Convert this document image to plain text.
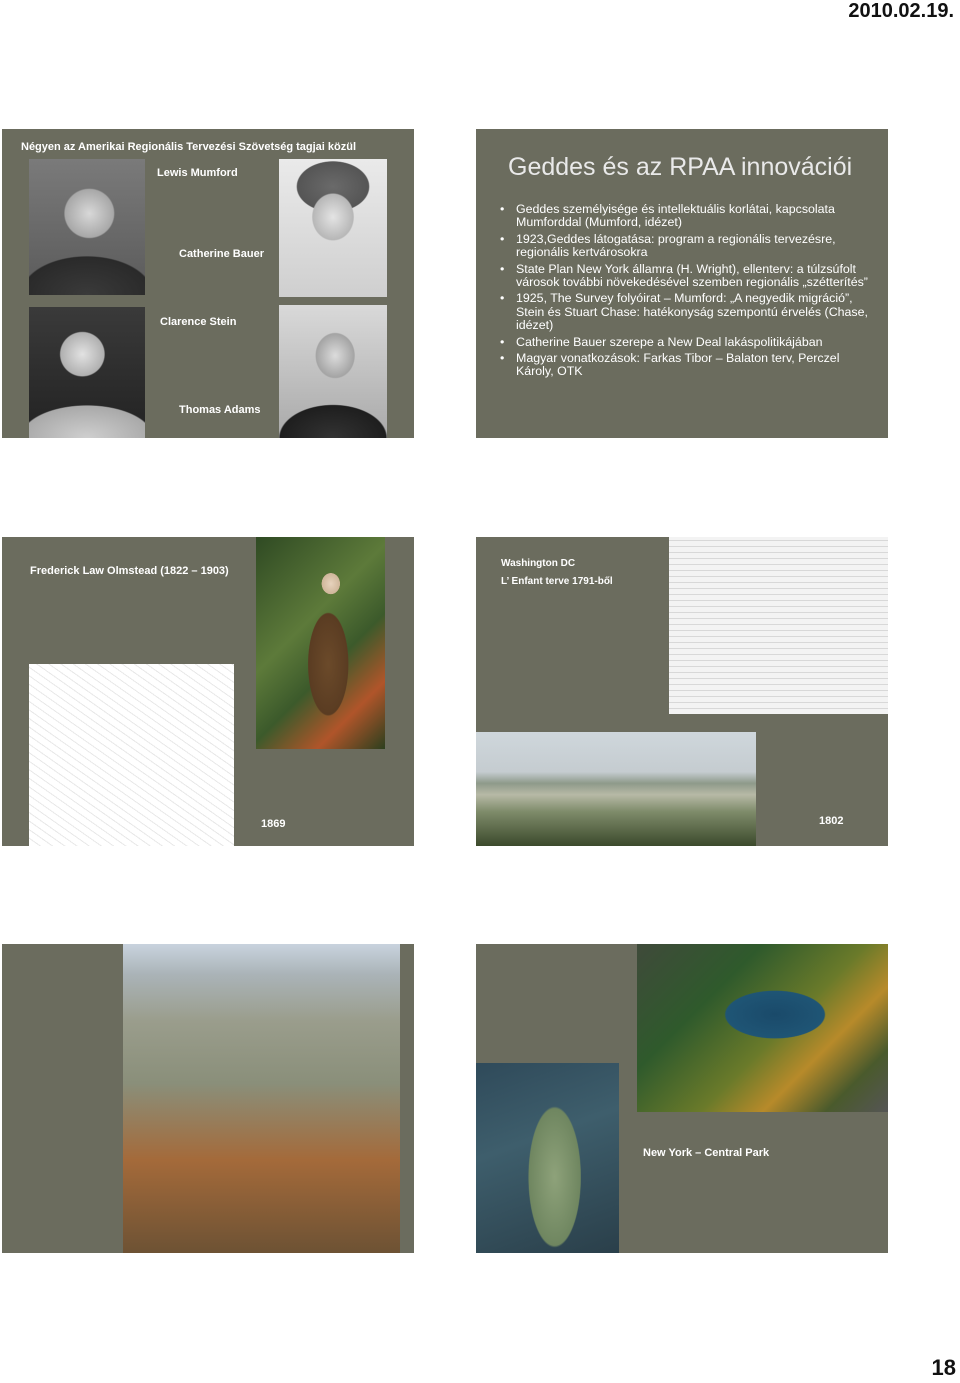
2010.02.19.
Négyen az Amerikai Regionális Tervezési Szövetség tagjai közül
Lewis Mumford
Catherine Bauer
Clarence Stein
Thomas Adams
Geddes és az RPAA innovációi
• Geddes személyisége és intellektuális korlátai, kapcsolata Mumforddal (Mumford, idézet)
• 1923,Geddes látogatása: program a regionális tervezésre, regionális kertvárosokra
• State Plan New York államra (H. Wright), ellenterv: a túlzsúfolt városok további növekedésével szemben regionális „szétterítés”
• 1925, The Survey folyóirat – Mumford: „A negyedik migráció”, Stein és Stuart Chase: hatékonyság szempontú érvelés (Chase, idézet)
• Catherine Bauer szerepe a New Deal lakáspolitikájában
• Magyar vonatkozások: Farkas Tibor – Balaton terv, Perczel Károly, OTK
Frederick Law Olmstead (1822 – 1903)
1869
Washington DC
L’ Enfant terve 1791-ből
1802
New York – Central Park
18
